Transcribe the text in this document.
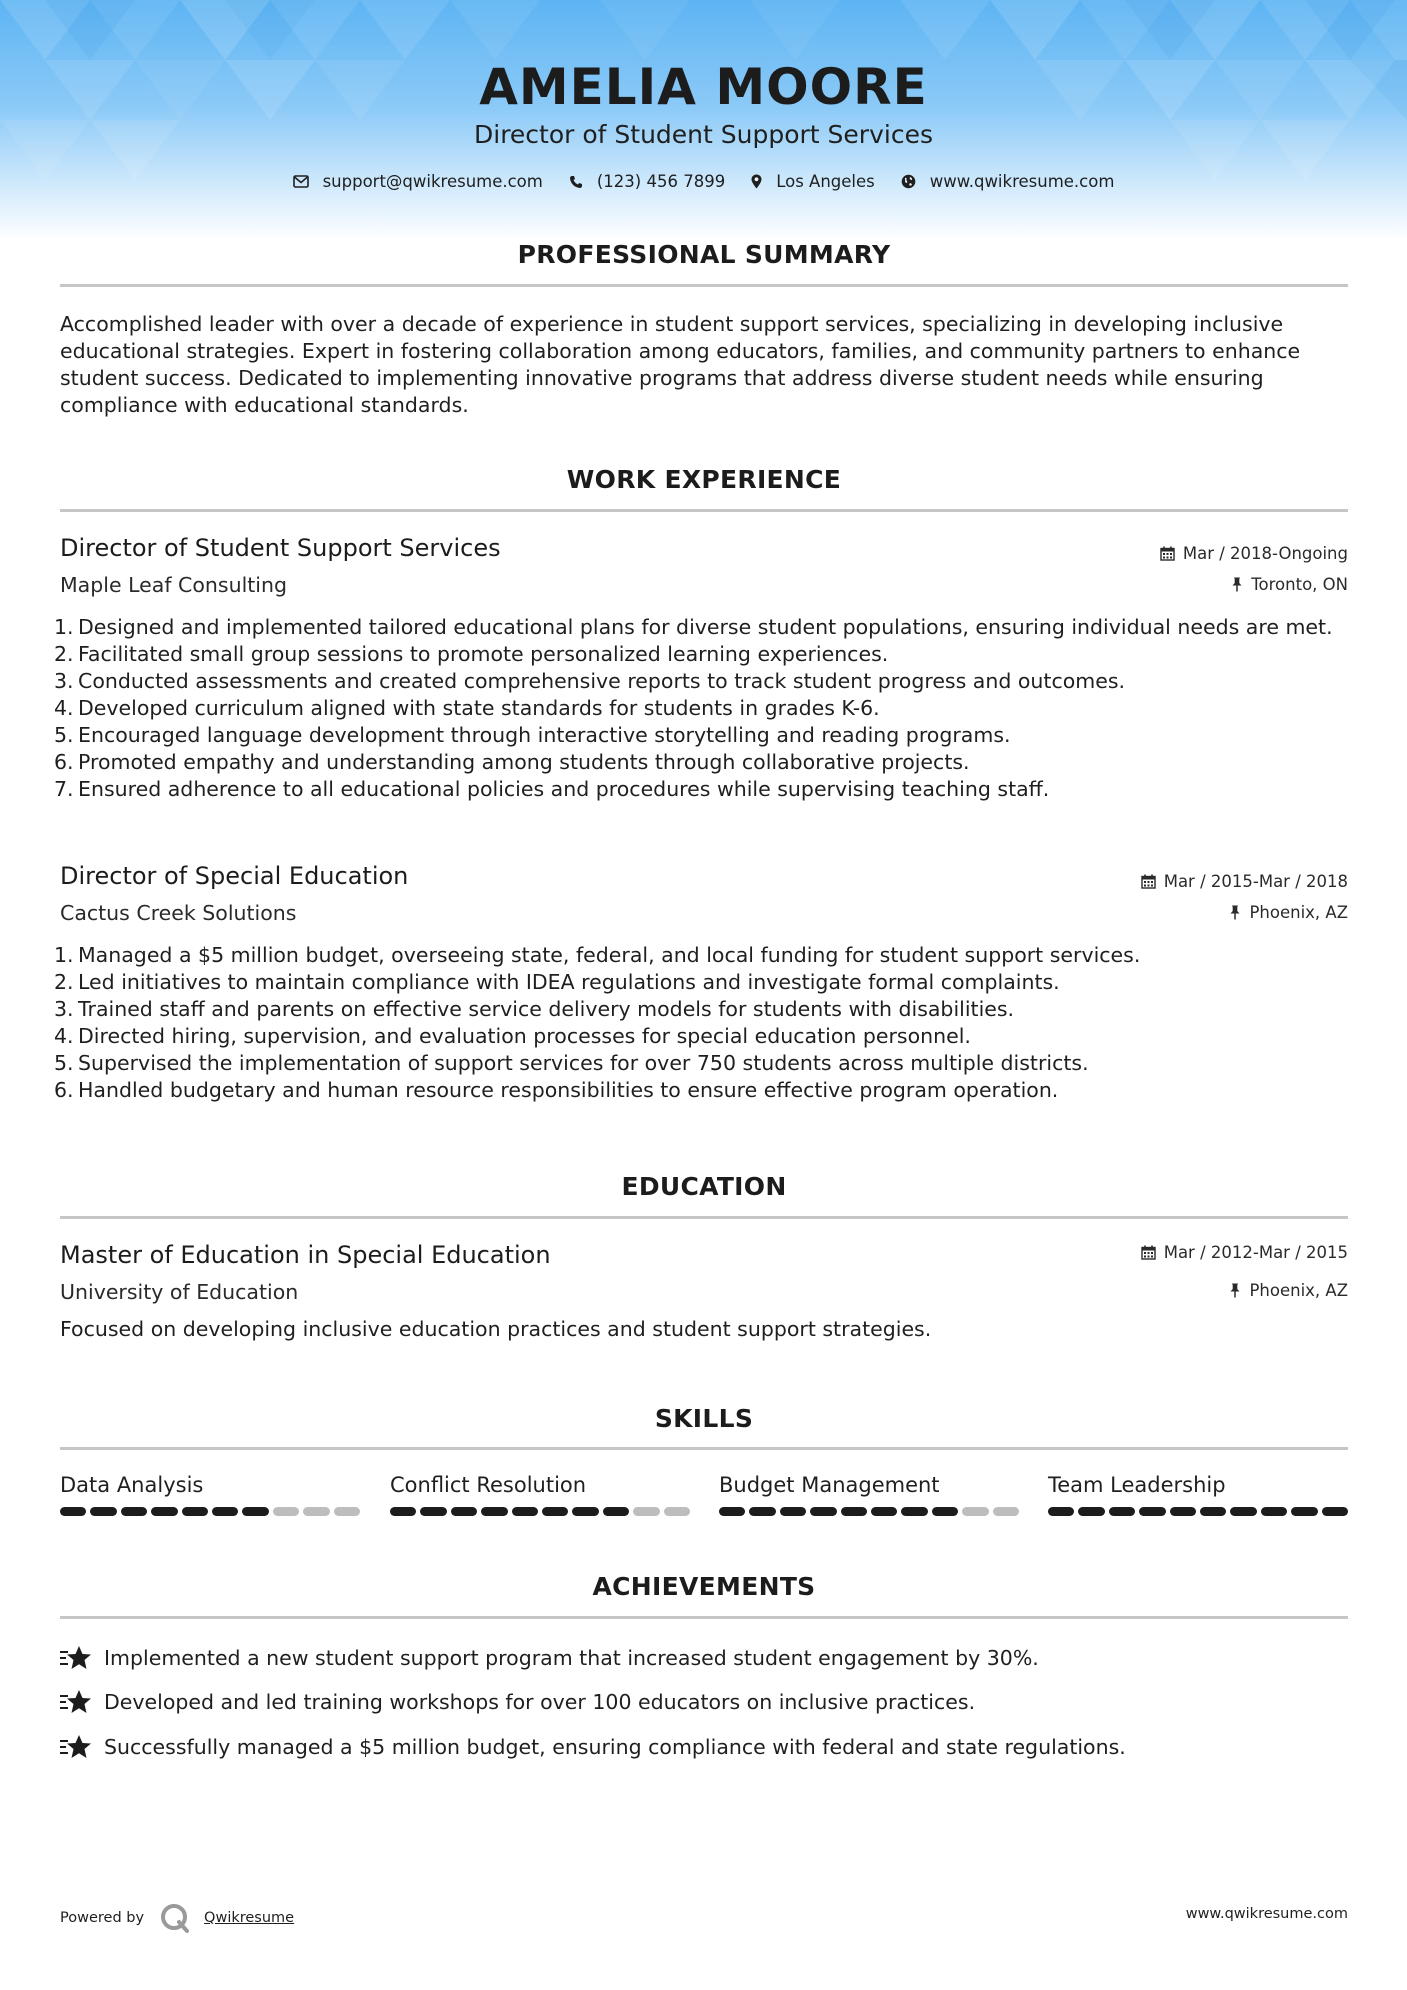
AMELIA MOORE
Director of Student Support Services
support@qwikresume.com	(123) 456 7899	Los Angeles	www.qwikresume.com
PROFESSIONAL SUMMARY
Accomplished leader with over a decade of experience in student support services, specializing in developing inclusive educational strategies. Expert in fostering collaboration among educators, families, and community partners to enhance student success. Dedicated to implementing innovative programs that address diverse student needs while ensuring compliance with educational standards.
WORK EXPERIENCE
Director of Student Support Services	Mar / 2018-Ongoing
Maple Leaf Consulting	Toronto, ON
1. Designed and implemented tailored educational plans for diverse student populations, ensuring individual needs are met.
2. Facilitated small group sessions to promote personalized learning experiences.
3. Conducted assessments and created comprehensive reports to track student progress and outcomes.
4. Developed curriculum aligned with state standards for students in grades K-6.
5. Encouraged language development through interactive storytelling and reading programs.
6. Promoted empathy and understanding among students through collaborative projects.
7. Ensured adherence to all educational policies and procedures while supervising teaching staff.
Director of Special Education	Mar / 2015-Mar / 2018
Cactus Creek Solutions	Phoenix, AZ
1. Managed a $5 million budget, overseeing state, federal, and local funding for student support services.
2. Led initiatives to maintain compliance with IDEA regulations and investigate formal complaints.
3. Trained staff and parents on effective service delivery models for students with disabilities.
4. Directed hiring, supervision, and evaluation processes for special education personnel.
5. Supervised the implementation of support services for over 750 students across multiple districts.
6. Handled budgetary and human resource responsibilities to ensure effective program operation.
EDUCATION
Master of Education in Special Education	Mar / 2012-Mar / 2015
University of Education	Phoenix, AZ
Focused on developing inclusive education practices and student support strategies.
SKILLS
Data Analysis	Conflict Resolution	Budget Management	Team Leadership
ACHIEVEMENTS
Implemented a new student support program that increased student engagement by 30%.
Developed and led training workshops for over 100 educators on inclusive practices.
Successfully managed a $5 million budget, ensuring compliance with federal and state regulations.
Powered by	Qwikresume	www.qwikresume.com
